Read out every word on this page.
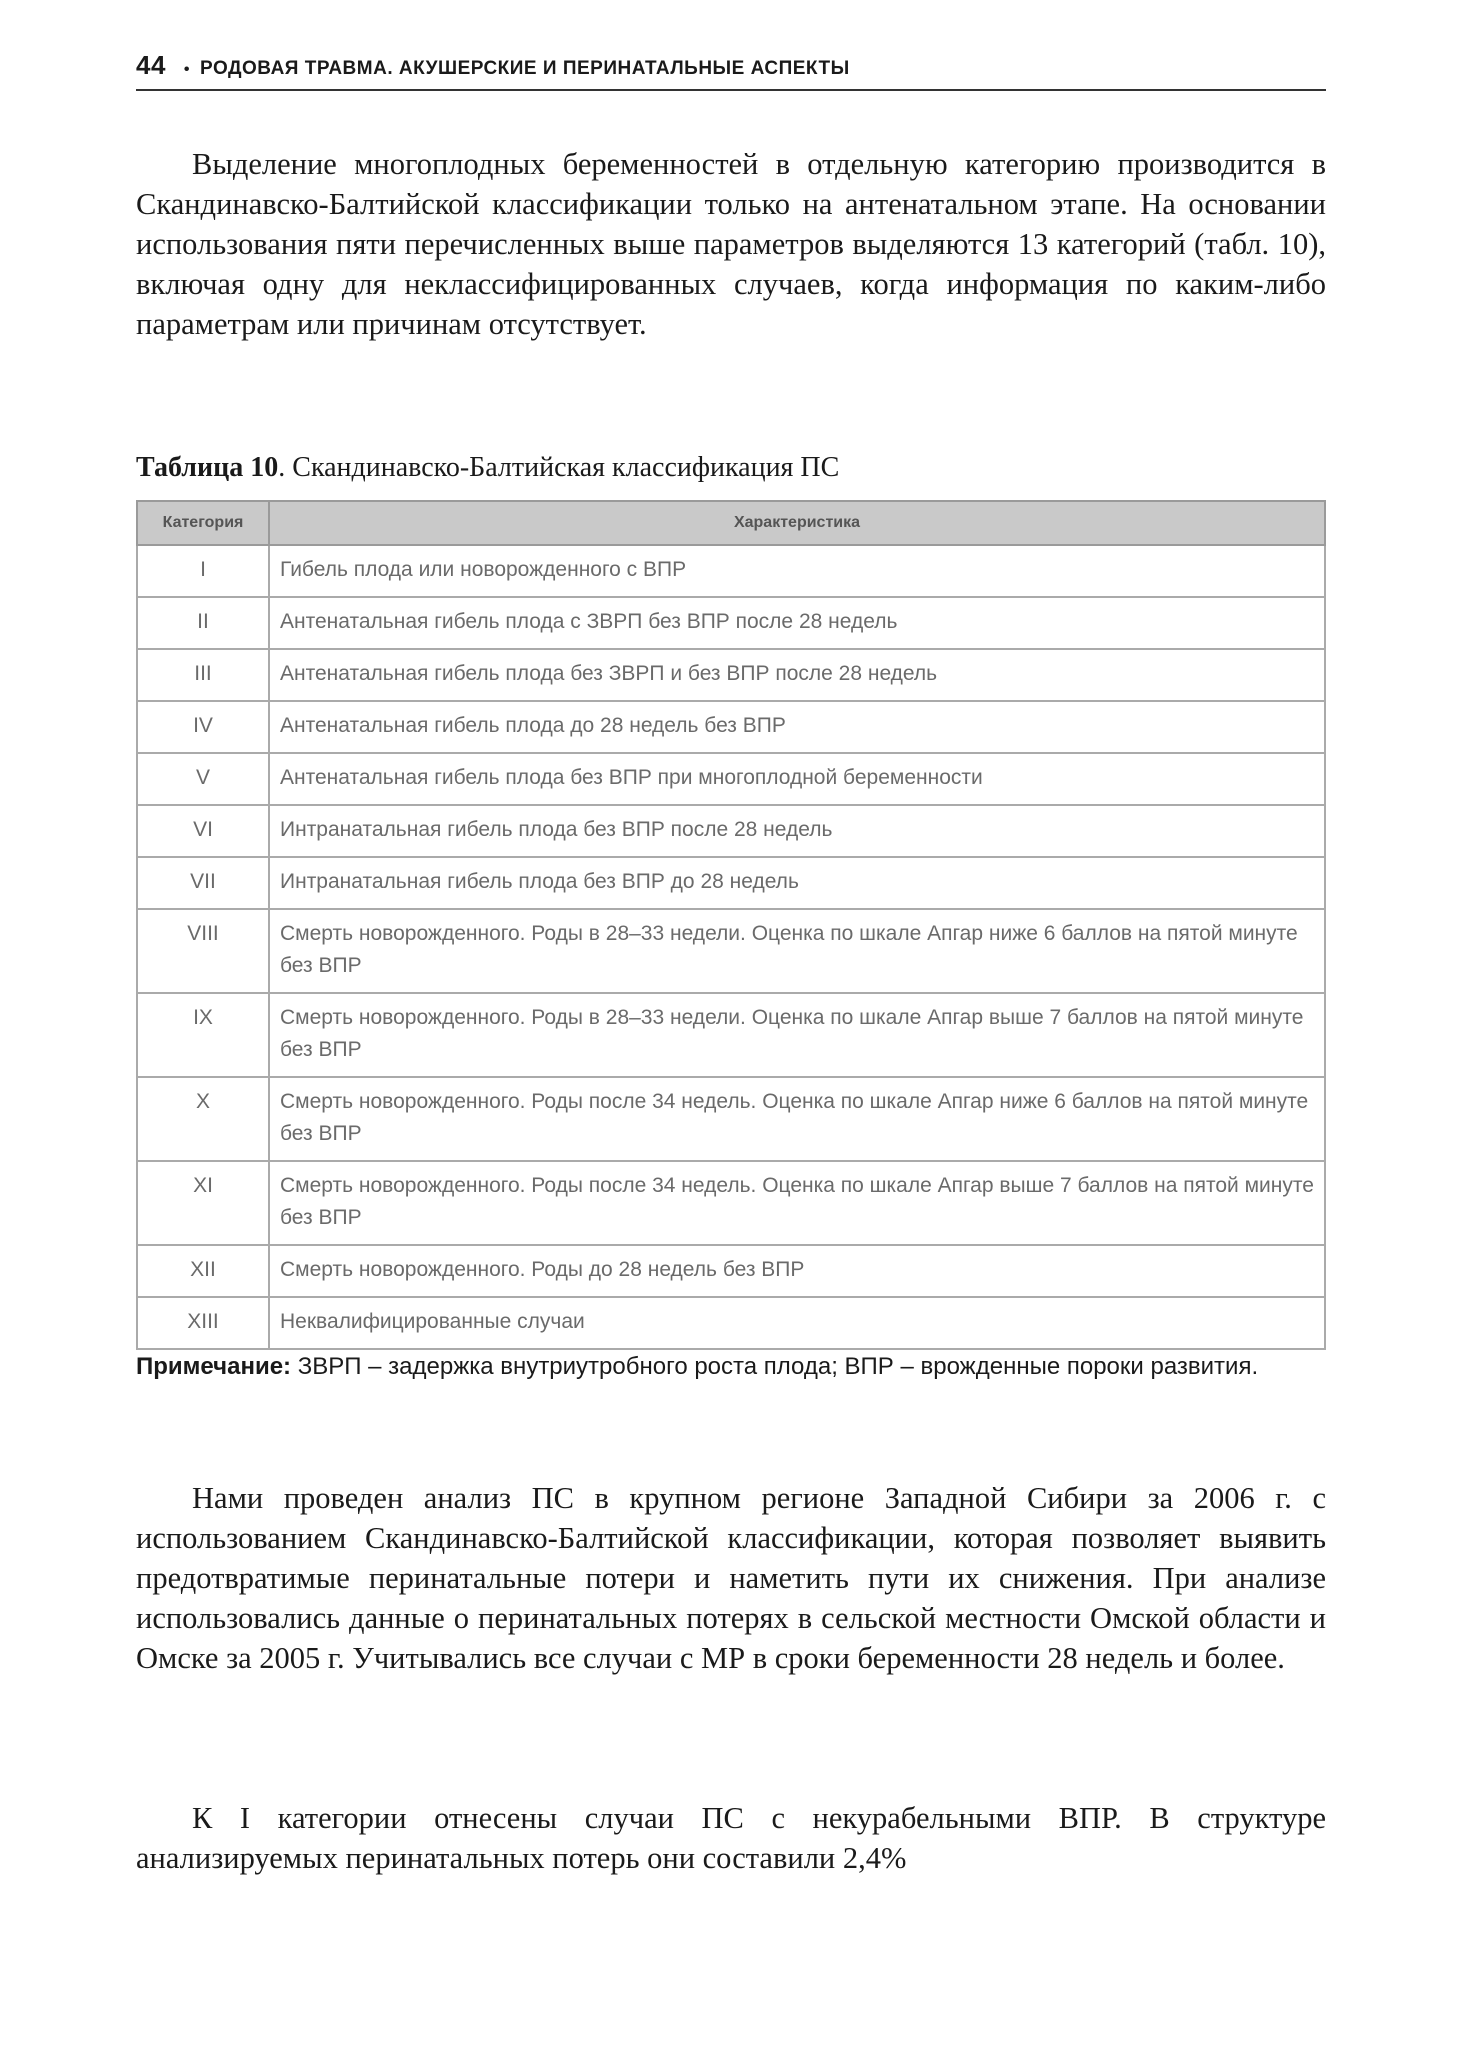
44 • РОДОВАЯ ТРАВМА. АКУШЕРСКИЕ И ПЕРИНАТАЛЬНЫЕ АСПЕКТЫ

Выделение многоплодных беременностей в отдельную категорию производится в Скандинавско-Балтийской классификации только на антенатальном этапе. На основании использования пяти перечисленных выше параметров выделяются 13 категорий (табл. 10), включая одну для неклассифицированных случаев, когда информация по каким-либо параметрам или причинам отсутствует.

Таблица 10. Скандинавско-Балтийская классификация ПС
Категория	Характеристика
I	Гибель плода или новорожденного с ВПР
II	Антенатальная гибель плода с ЗВРП без ВПР после 28 недель
III	Антенатальная гибель плода без ЗВРП и без ВПР после 28 недель
IV	Антенатальная гибель плода до 28 недель без ВПР
V	Антенатальная гибель плода без ВПР при многоплодной беременности
VI	Интранатальная гибель плода без ВПР после 28 недель
VII	Интранатальная гибель плода без ВПР до 28 недель
VIII	Смерть новорожденного. Роды в 28–33 недели. Оценка по шкале Апгар ниже 6 баллов на пятой минуте без ВПР
IX	Смерть новорожденного. Роды в 28–33 недели. Оценка по шкале Апгар выше 7 баллов на пятой минуте без ВПР
X	Смерть новорожденного. Роды после 34 недель. Оценка по шкале Апгар ниже 6 баллов на пятой минуте без ВПР
XI	Смерть новорожденного. Роды после 34 недель. Оценка по шкале Апгар выше 7 баллов на пятой минуте без ВПР
XII	Смерть новорожденного. Роды до 28 недель без ВПР
XIII	Неквалифицированные случаи

Примечание: ЗВРП – задержка внутриутробного роста плода; ВПР – врожденные пороки развития.

Нами проведен анализ ПС в крупном регионе Западной Сибири за 2006 г. с использованием Скандинавско-Балтийской классификации, которая позволяет выявить предотвратимые перинатальные потери и наметить пути их снижения. При анализе использовались данные о перинатальных потерях в сельской местности Омской области и Омске за 2005 г. Учитывались все случаи с МР в сроки беременности 28 недель и более.

К I категории отнесены случаи ПС с некурабельными ВПР. В структуре анализируемых перинатальных потерь они составили 2,4%
